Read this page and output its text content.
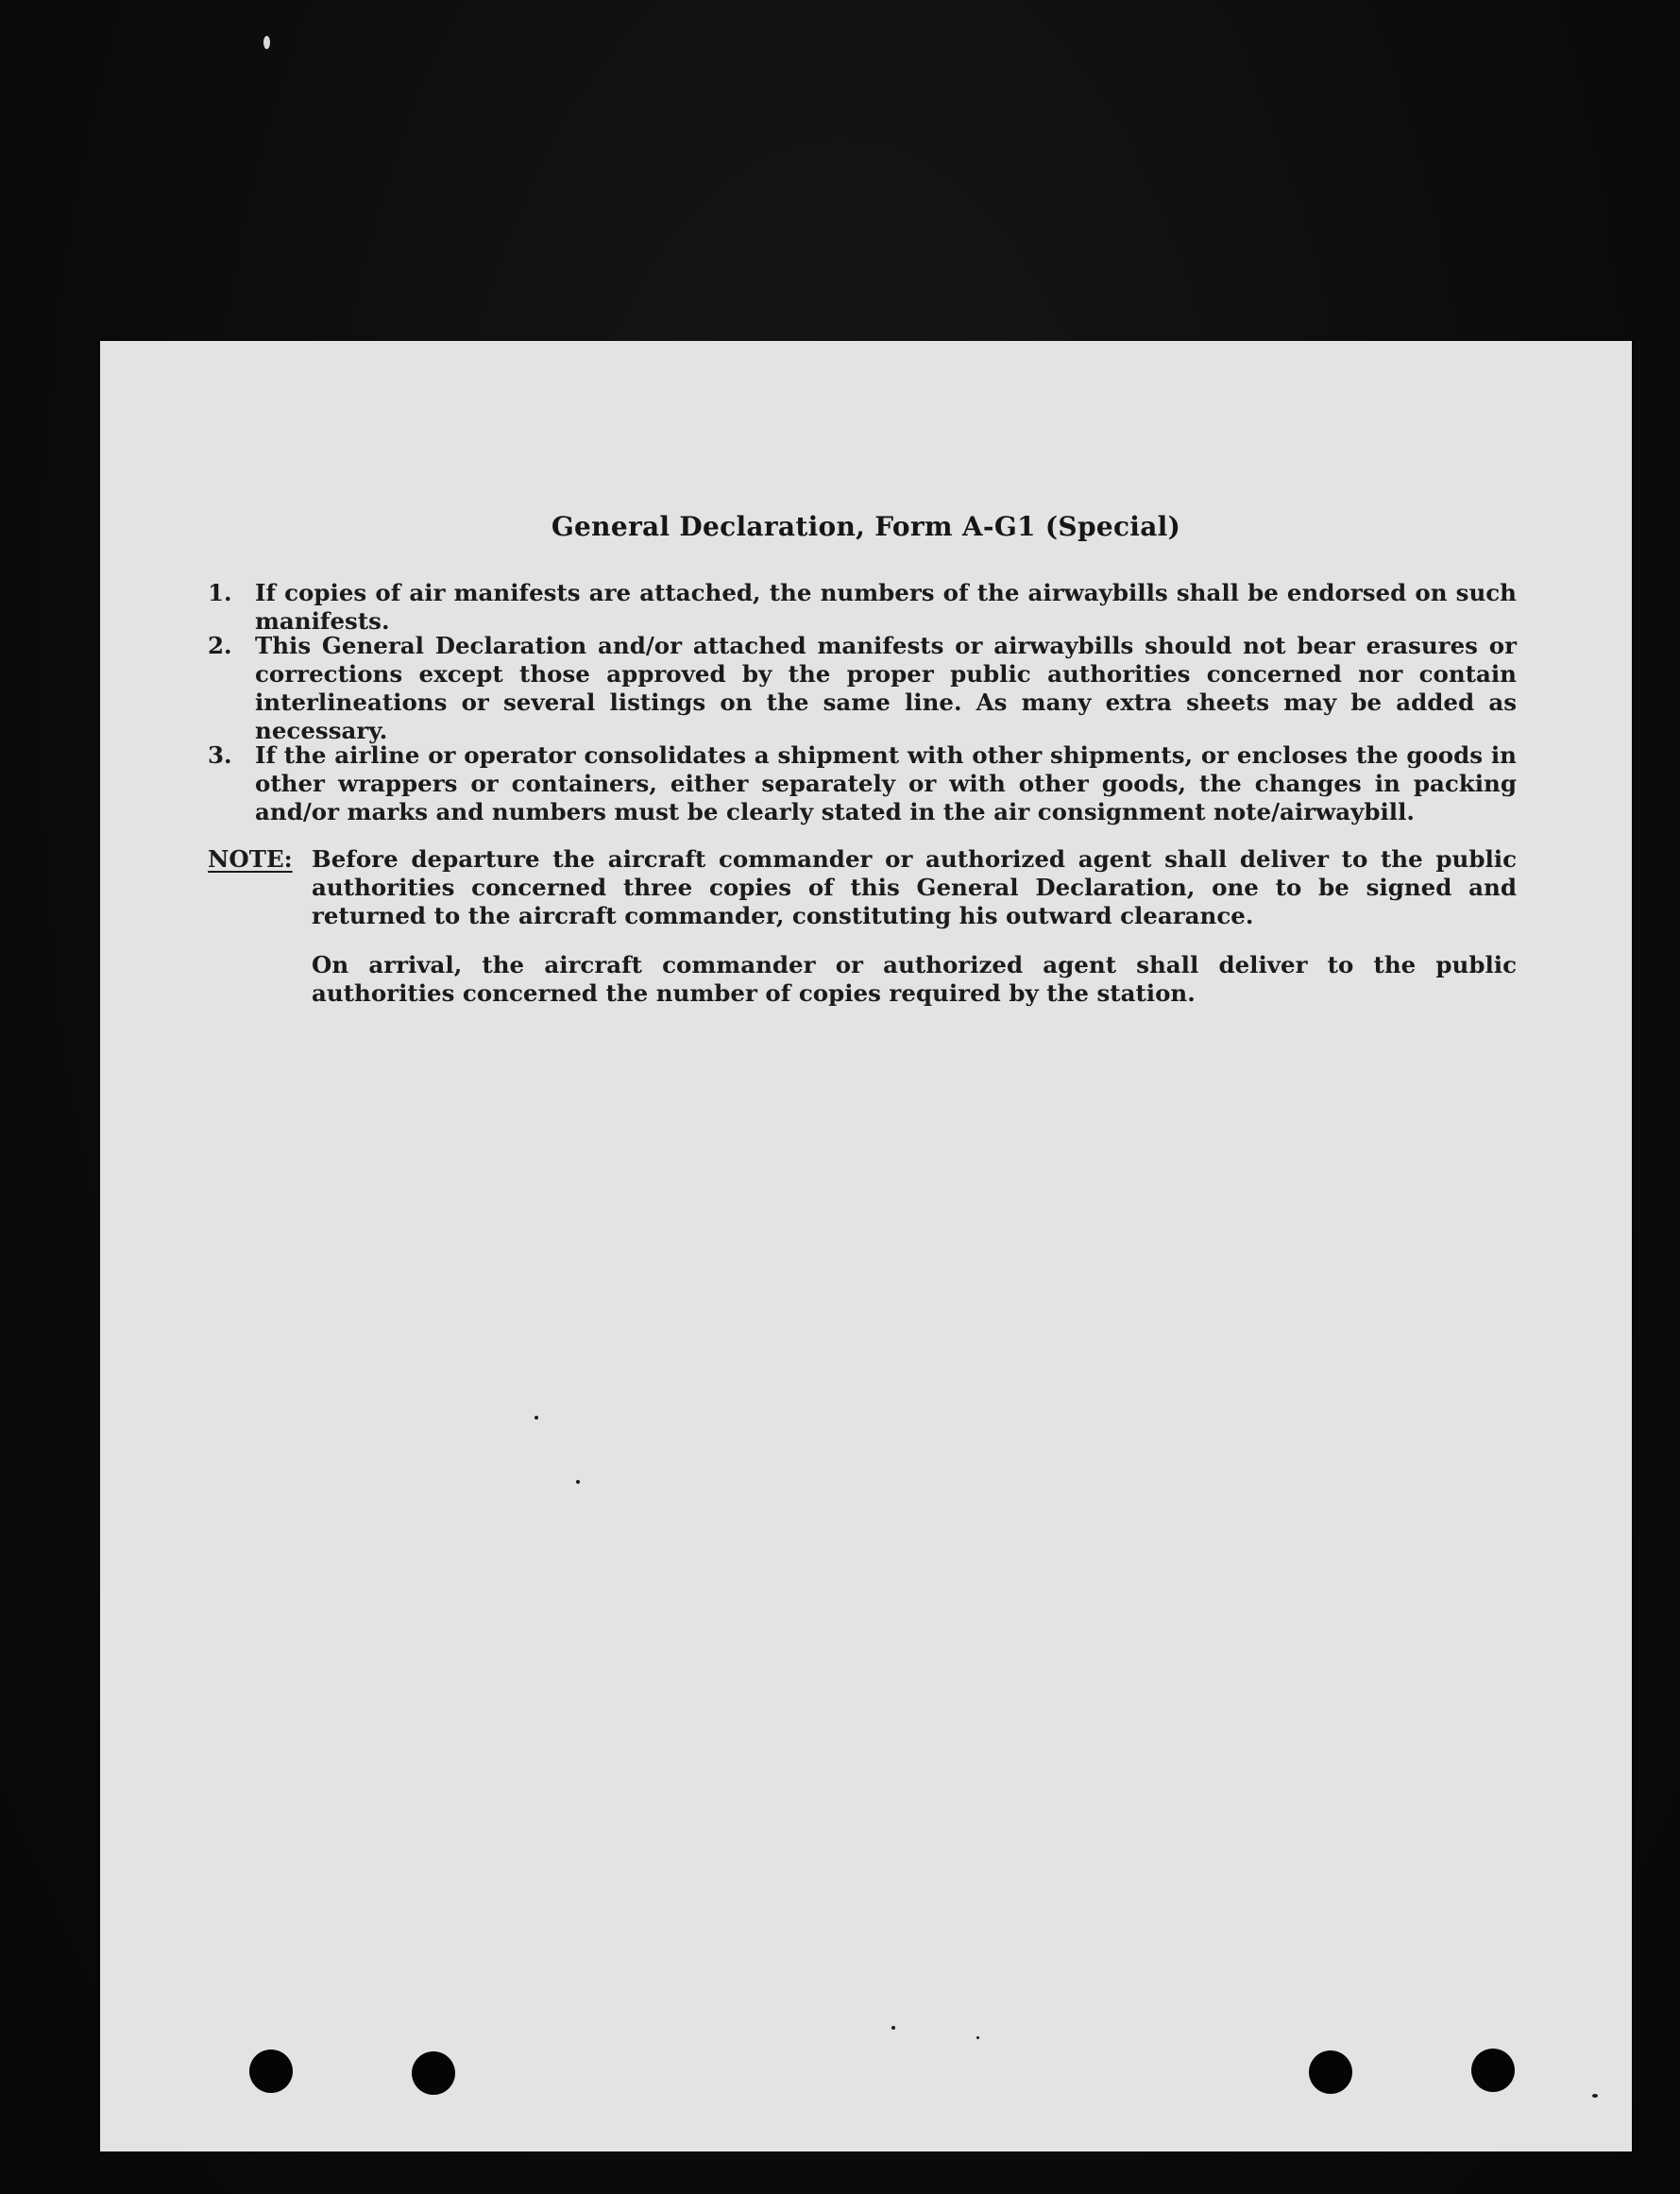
General Declaration, Form A-G1 (Special)
1. If copies of air manifests are attached, the numbers of the airwaybills shall be endorsed on such manifests.
2. This General Declaration and/or attached manifests or airwaybills should not bear erasures or corrections except those approved by the proper public authorities concerned nor contain interlineations or several listings on the same line. As many extra sheets may be added as necessary.
3. If the airline or operator consolidates a shipment with other shipments, or encloses the goods in other wrappers or containers, either separately or with other goods, the changes in packing and/or marks and numbers must be clearly stated in the air consignment note/airwaybill.
NOTE: Before departure the aircraft commander or authorized agent shall deliver to the public authorities concerned three copies of this General Declaration, one to be signed and returned to the aircraft commander, constituting his outward clearance.
On arrival, the aircraft commander or authorized agent shall deliver to the public authorities concerned the number of copies required by the station.
